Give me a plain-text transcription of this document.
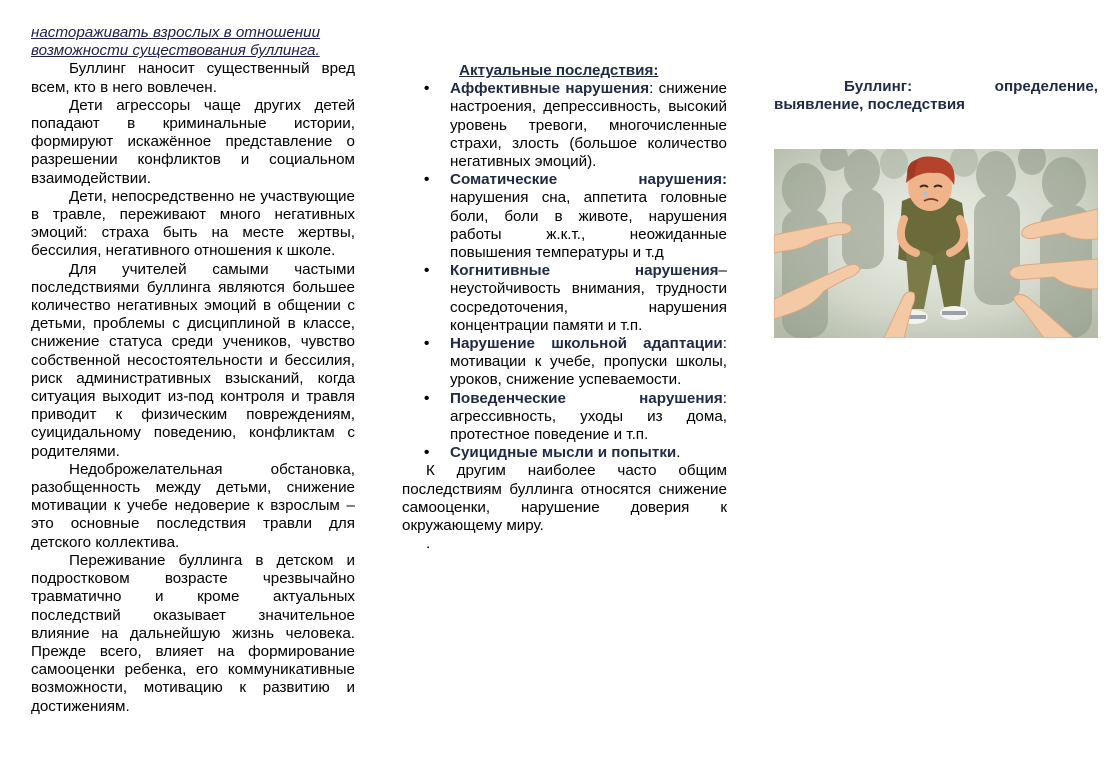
настораживать взрослых в отношении

возможности существования буллинга.

Буллинг наносит существенный вред всем, кто в него вовлечен.

Дети агрессоры чаще других детей попадают в криминальные истории, формируют искажённое представление о разрешении конфликтов и социальном взаимодействии.

Дети, непосредственно не участвующие в травле, переживают много негативных эмоций: страха быть на месте жертвы, бессилия, негативного отношения к школе.

Для учителей самыми частыми последствиями буллинга являются большее количество негативных эмоций в общении с детьми, проблемы с дисциплиной в классе, снижение статуса среди учеников, чувство собственной несостоятельности и бессилия, риск административных взысканий, когда ситуация выходит из-под контроля и травля приводит к физическим повреждениям, суицидальному поведению, конфликтам с родителями.

Недоброжелательная обстановка, разобщенность между детьми, снижение мотивации к учебе недоверие к взрослым – это основные последствия травли для детского коллектива.

Переживание буллинга в детском и подростковом возрасте чрезвычайно травматично и кроме актуальных последствий оказывает значительное влияние на дальнейшую жизнь человека. Прежде всего, влияет на формирование самооценки ребенка, его коммуникативные возможности, мотивацию к развитию и достижениям.

Актуальные последствия:

• Аффективные нарушения: снижение настроения, депрессивность, высокий уровень тревоги, многочисленные страхи, злость (большое количество негативных эмоций).
• Соматические нарушения: нарушения сна, аппетита головные боли, боли в животе, нарушения работы ж.к.т., неожиданные повышения температуры и т.д
• Когнитивные нарушения– неустойчивость внимания, трудности сосредоточения, нарушения концентрации памяти и т.п.
• Нарушение школьной адаптации: мотивации к учебе, пропуски школы, уроков, снижение успеваемости.
• Поведенческие нарушения: агрессивность, уходы из дома, протестное поведение и т.п.
• Суицидные мысли и попытки.

К другим наиболее часто общим последствиям буллинга относятся снижение самооценки, нарушение доверия к окружающему миру.

.

Буллинг: определение, выявление, последствия
